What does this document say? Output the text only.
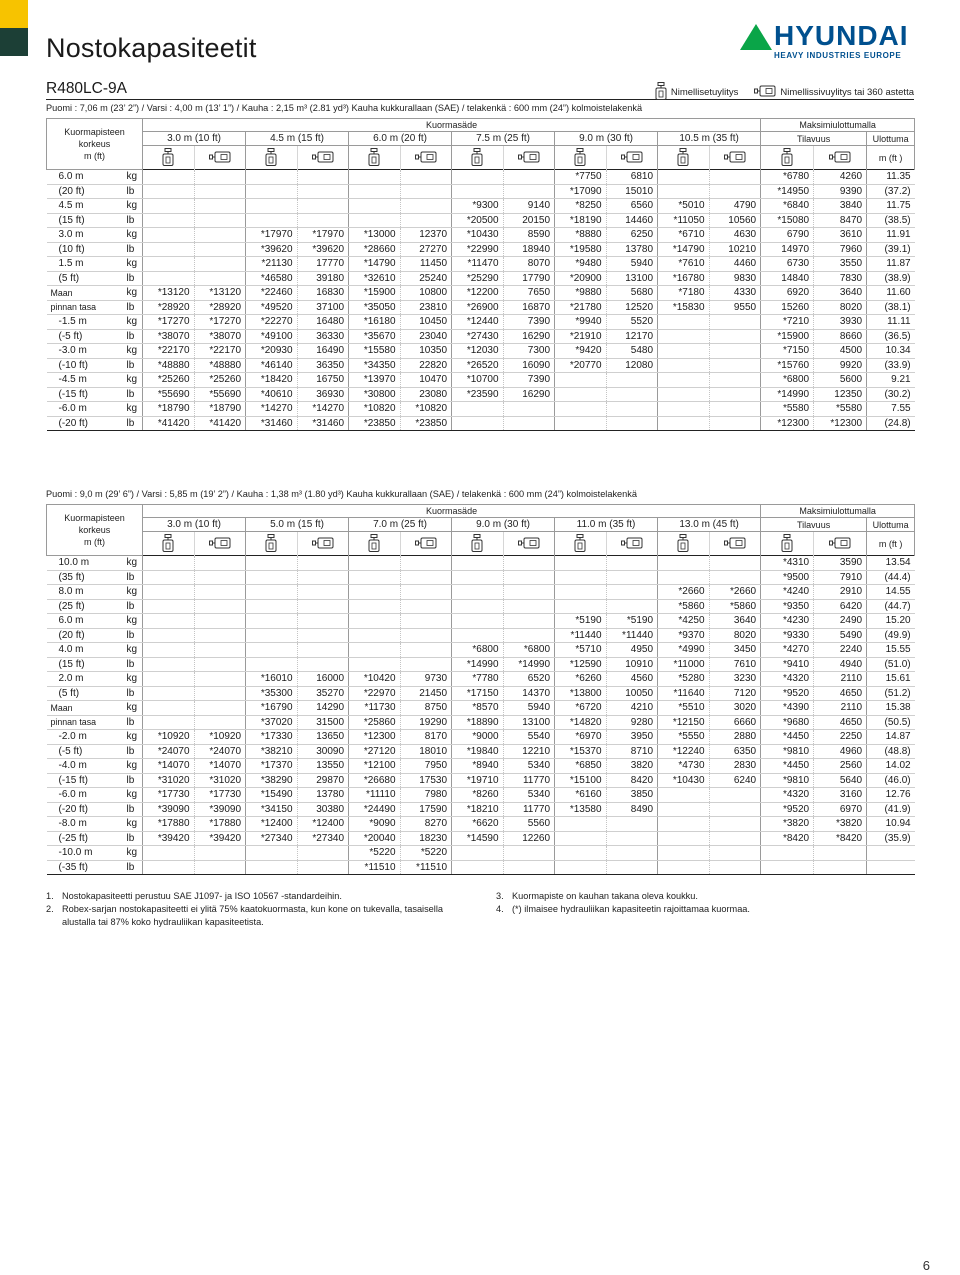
Nostokapasiteetit	HYUNDAI
HEAVY INDUSTRIES EUROPE
R480LC-9A	Nimellisetuylitys	Nimellissivuylitys tai 360 astetta
Puomi : 7,06 m (23’ 2”) / Varsi : 4,00 m (13’ 1”) / Kauha : 2,15 m³ (2.81 yd³) Kauha kukkurallaan (SAE) / telakenkä : 600 mm (24”) kolmoistelakenkä
Kuormapisteen
korkeus
m (ft)		Kuormasäde												Maksimiulottumalla		
		3.0 m (10 ft)		4.5 m (15 ft)		6.0 m (20 ft)		7.5 m (25 ft)		9.0 m (30 ft)		10.5 m (35 ft)		Tilavuus		Ulottuma
														m (ft )
6.0 m	kg									*7750	6810			*6780	4260	11.35
(20 ft)	lb									*17090	15010			*14950	9390	(37.2)
4.5 m	kg							*9300	9140	*8250	6560	*5010	4790	*6840	3840	11.75
(15 ft)	lb							*20500	20150	*18190	14460	*11050	10560	*15080	8470	(38.5)
3.0 m	kg			*17970	*17970	*13000	12370	*10430	8590	*8880	6250	*6710	4630	6790	3610	11.91
(10 ft)	lb			*39620	*39620	*28660	27270	*22990	18940	*19580	13780	*14790	10210	14970	7960	(39.1)
1.5 m	kg			*21130	17770	*14790	11450	*11470	8070	*9480	5940	*7610	4460	6730	3550	11.87
(5 ft)	lb			*46580	39180	*32610	25240	*25290	17790	*20900	13100	*16780	9830	14840	7830	(38.9)
Maan	kg	*13120	*13120	*22460	16830	*15900	10800	*12200	7650	*9880	5680	*7180	4330	6920	3640	11.60
pinnan tasa	lb	*28920	*28920	*49520	37100	*35050	23810	*26900	16870	*21780	12520	*15830	9550	15260	8020	(38.1)
-1.5 m	kg	*17270	*17270	*22270	16480	*16180	10450	*12440	7390	*9940	5520			*7210	3930	11.11
(-5 ft)	lb	*38070	*38070	*49100	36330	*35670	23040	*27430	16290	*21910	12170			*15900	8660	(36.5)
-3.0 m	kg	*22170	*22170	*20930	16490	*15580	10350	*12030	7300	*9420	5480			*7150	4500	10.34
(-10 ft)	lb	*48880	*48880	*46140	36350	*34350	22820	*26520	16090	*20770	12080			*15760	9920	(33.9)
-4.5 m	kg	*25260	*25260	*18420	16750	*13970	10470	*10700	7390					*6800	5600	9.21
(-15 ft)	lb	*55690	*55690	*40610	36930	*30800	23080	*23590	16290					*14990	12350	(30.2)
-6.0 m	kg	*18790	*18790	*14270	*14270	*10820	*10820							*5580	*5580	7.55
(-20 ft)	lb	*41420	*41420	*31460	*31460	*23850	*23850							*12300	*12300	(24.8)
Puomi : 9,0 m (29’ 6”) / Varsi : 5,85 m (19’ 2”) / Kauha : 1,38 m³ (1.80 yd³) Kauha kukkurallaan (SAE) / telakenkä : 600 mm (24”) kolmoistelakenkä
Kuormapisteen
korkeus
m (ft)		Kuormasäde												Maksimiulottumalla		
		3.0 m (10 ft)		5.0 m (15 ft)		7.0 m (25 ft)		9.0 m (30 ft)		11.0 m (35 ft)		13.0 m (45 ft)		Tilavuus		Ulottuma
														m (ft )
10.0 m	kg													*4310	3590	13.54
(35 ft)	lb													*9500	7910	(44.4)
8.0 m	kg											*2660	*2660	*4240	2910	14.55
(25 ft)	lb											*5860	*5860	*9350	6420	(44.7)
6.0 m	kg									*5190	*5190	*4250	3640	*4230	2490	15.20
(20 ft)	lb									*11440	*11440	*9370	8020	*9330	5490	(49.9)
4.0 m	kg							*6800	*6800	*5710	4950	*4990	3450	*4270	2240	15.55
(15 ft)	lb							*14990	*14990	*12590	10910	*11000	7610	*9410	4940	(51.0)
2.0 m	kg			*16010	16000	*10420	9730	*7780	6520	*6260	4560	*5280	3230	*4320	2110	15.61
(5 ft)	lb			*35300	35270	*22970	21450	*17150	14370	*13800	10050	*11640	7120	*9520	4650	(51.2)
Maan	kg			*16790	14290	*11730	8750	*8570	5940	*6720	4210	*5510	3020	*4390	2110	15.38
pinnan tasa	lb			*37020	31500	*25860	19290	*18890	13100	*14820	9280	*12150	6660	*9680	4650	(50.5)
-2.0 m	kg	*10920	*10920	*17330	13650	*12300	8170	*9000	5540	*6970	3950	*5550	2880	*4450	2250	14.87
(-5 ft)	lb	*24070	*24070	*38210	30090	*27120	18010	*19840	12210	*15370	8710	*12240	6350	*9810	4960	(48.8)
-4.0 m	kg	*14070	*14070	*17370	13550	*12100	7950	*8940	5340	*6850	3820	*4730	2830	*4450	2560	14.02
(-15 ft)	lb	*31020	*31020	*38290	29870	*26680	17530	*19710	11770	*15100	8420	*10430	6240	*9810	5640	(46.0)
-6.0 m	kg	*17730	*17730	*15490	13780	*11110	7980	*8260	5340	*6160	3850			*4320	3160	12.76
(-20 ft)	lb	*39090	*39090	*34150	30380	*24490	17590	*18210	11770	*13580	8490			*9520	6970	(41.9)
-8.0 m	kg	*17880	*17880	*12400	*12400	*9090	8270	*6620	5560					*3820	*3820	10.94
(-25 ft)	lb	*39420	*39420	*27340	*27340	*20040	18230	*14590	12260					*8420	*8420	(35.9)
-10.0 m	kg					*5220	*5220									
(-35 ft)	lb					*11510	*11510									
1. Nostokapasiteetti perustuu SAE J1097- ja ISO 10567 -standardeihin.
2. Robex-sarjan nostokapasiteetti ei ylitä 75% kaatokuormasta, kun kone on tukevalla, tasaisella alustalla tai 87% koko hydrauliikan kapasiteetista.
3. Kuormapiste on kauhan takana oleva koukku.
4. (*) ilmaisee hydrauliikan kapasiteetin rajoittamaa kuormaa.
6
